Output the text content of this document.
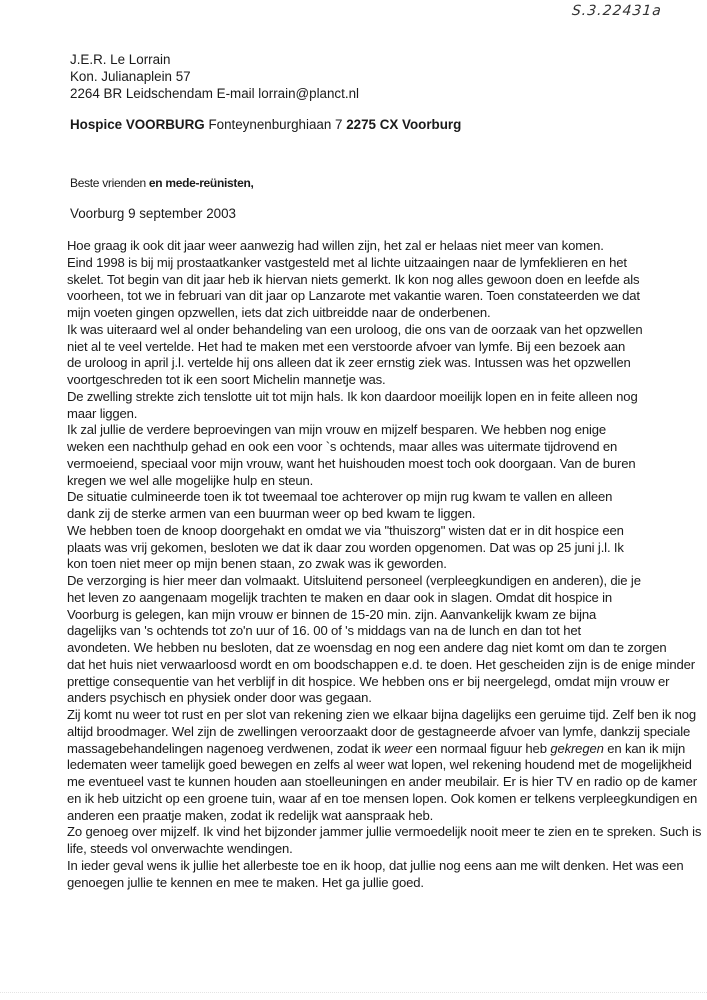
S.3.22431a
J.E.R. Le Lorrain
Kon. Julianaplein 57
2264 BR Leidschendam E-mail lorrain@planct.nl
Hospice VOORBURG Fonteynenburghiaan 7 2275 CX Voorburg
Beste vrienden en mede-reünisten,
Voorburg 9 september 2003
Hoe graag ik ook dit jaar weer aanwezig had willen zijn, het zal er helaas niet meer van komen.
Eind 1998 is bij mij prostaatkanker vastgesteld met al lichte uitzaaingen naar de lymfeklieren en het
skelet. Tot begin van dit jaar heb ik hiervan niets gemerkt. Ik kon nog alles gewoon doen en leefde als
voorheen, tot we in februari van dit jaar op Lanzarote met vakantie waren. Toen constateerden we dat
mijn voeten gingen opzwellen, iets dat zich uitbreidde naar de onderbenen.
Ik was uiteraard wel al onder behandeling van een uroloog, die ons van de oorzaak van het opzwellen
niet al te veel vertelde. Het had te maken met een verstoorde afvoer van lymfe. Bij een bezoek aan
de uroloog in april j.l. vertelde hij ons alleen dat ik zeer ernstig ziek was. Intussen was het opzwellen
voortgeschreden tot ik een soort Michelin mannetje was.
De zwelling strekte zich tenslotte uit tot mijn hals. Ik kon daardoor moeilijk lopen en in feite alleen nog
maar liggen.
Ik zal jullie de verdere beproevingen van mijn vrouw en mijzelf besparen. We hebben nog enige
weken een nachthulp gehad en ook een voor `s ochtends, maar alles was uitermate tijdrovend en
vermoeiend, speciaal voor mijn vrouw, want het huishouden moest toch ook doorgaan. Van de buren
kregen we wel alle mogelijke hulp en steun.
De situatie culmineerde toen ik tot tweemaal toe achterover op mijn rug kwam te vallen en alleen
dank zij de sterke armen van een buurman weer op bed kwam te liggen.
We hebben toen de knoop doorgehakt en omdat we via "thuiszorg" wisten dat er in dit hospice een
plaats was vrij gekomen, besloten we dat ik daar zou worden opgenomen. Dat was op 25 juni j.l. Ik
kon toen niet meer op mijn benen staan, zo zwak was ik geworden.
De verzorging is hier meer dan volmaakt. Uitsluitend personeel (verpleegkundigen en anderen), die je
het leven zo aangenaam mogelijk trachten te maken en daar ook in slagen. Omdat dit hospice in
Voorburg is gelegen, kan mijn vrouw er binnen de 15-20 min. zijn. Aanvankelijk kwam ze bijna
dagelijks van 's ochtends tot zo'n uur of 16. 00 of 's middags van na de lunch en dan tot het
avondeten. We hebben nu besloten, dat ze woensdag en nog een andere dag niet komt om dan te zorgen
dat het huis niet verwaarloosd wordt en om boodschappen e.d. te doen. Het gescheiden zijn is de enige minder
prettige consequentie van het verblijf in dit hospice. We hebben ons er bij neergelegd, omdat mijn vrouw er
anders psychisch en physiek onder door was gegaan.
Zij komt nu weer tot rust en per slot van rekening zien we elkaar bijna dagelijks een geruime tijd. Zelf ben ik nog
altijd broodmager. Wel zijn de zwellingen veroorzaakt door de gestagneerde afvoer van lymfe, dankzij speciale
massagebehandelingen nagenoeg verdwenen, zodat ik weer een normaal figuur heb gekregen en kan ik mijn
ledematen weer tamelijk goed bewegen en zelfs al weer wat lopen, wel rekening houdend met de mogelijkheid
me eventueel vast te kunnen houden aan stoelleuningen en ander meubilair. Er is hier TV en radio op de kamer
en ik heb uitzicht op een groene tuin, waar af en toe mensen lopen. Ook komen er telkens verpleegkundigen en
anderen een praatje maken, zodat ik redelijk wat aanspraak heb.
Zo genoeg over mijzelf. Ik vind het bijzonder jammer jullie vermoedelijk nooit meer te zien en te spreken. Such is
life, steeds vol onverwachte wendingen.
In ieder geval wens ik jullie het allerbeste toe en ik hoop, dat jullie nog eens aan me wilt denken. Het was een
genoegen jullie te kennen en mee te maken. Het ga jullie goed.
